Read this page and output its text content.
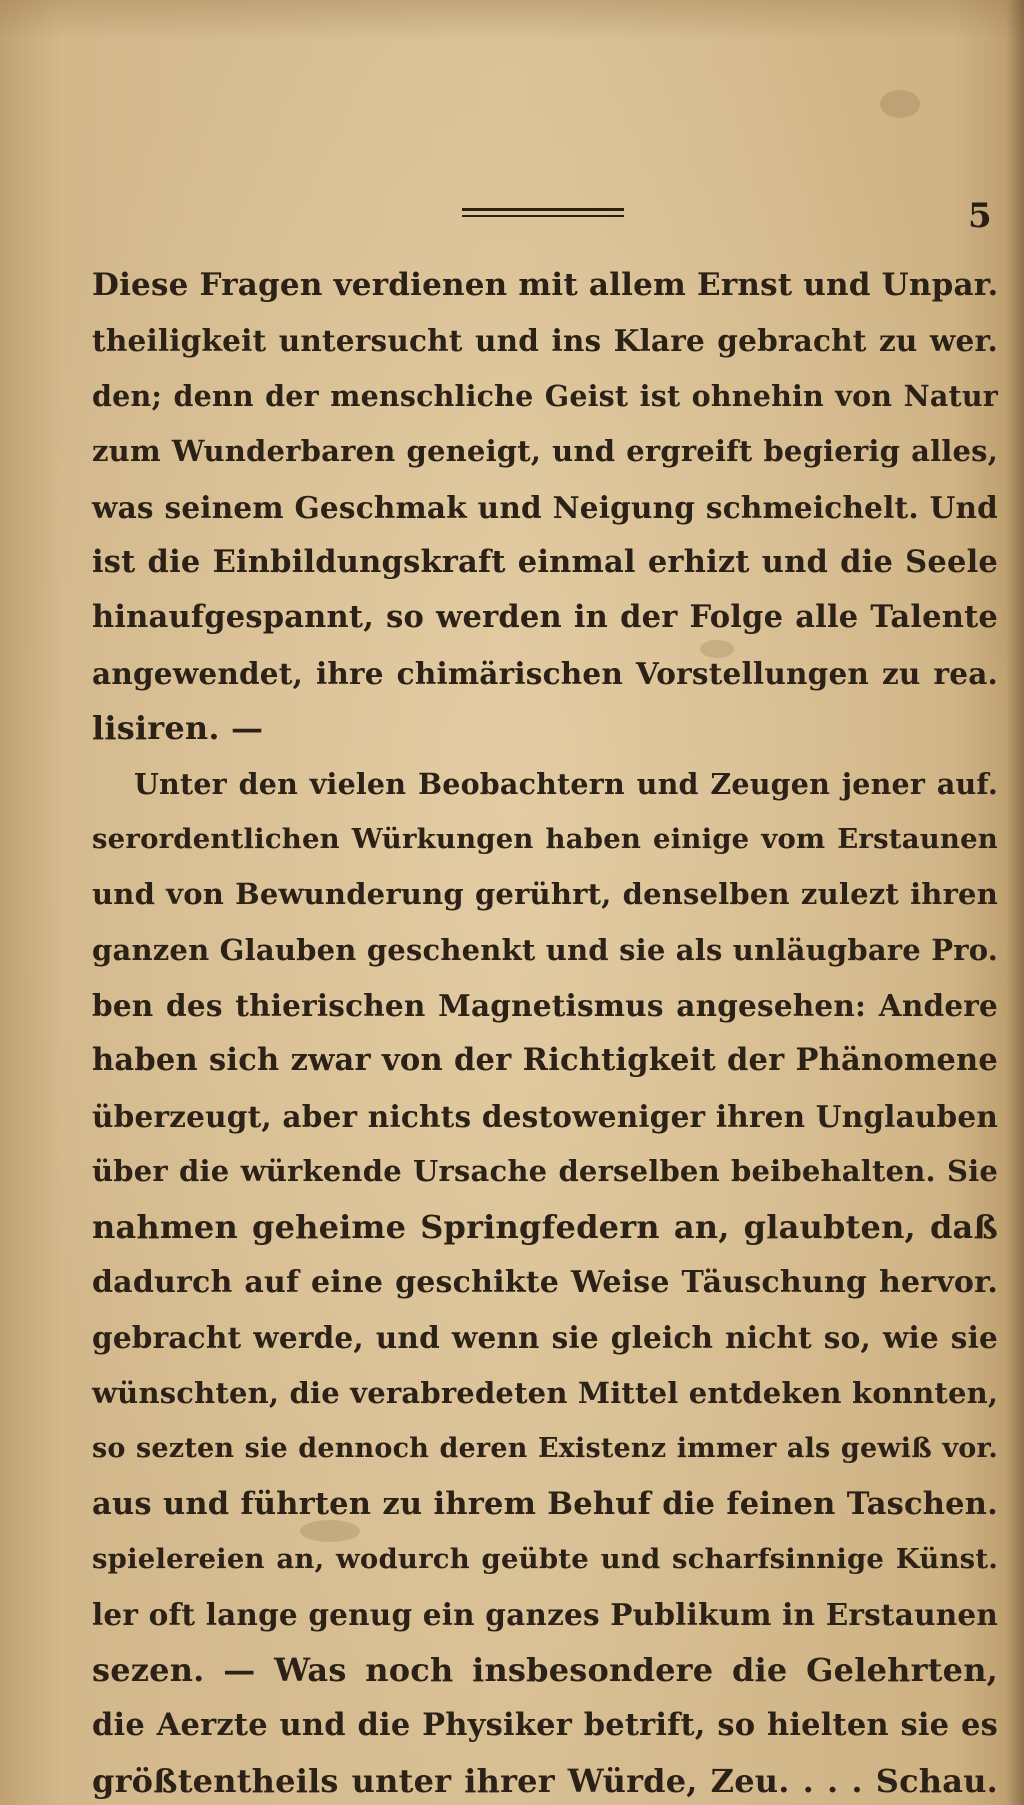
5
Diese Fragen verdienen mit allem Ernst und Unpar.
theiligkeit untersucht und ins Klare gebracht zu wer.
den; denn der menschliche Geist ist ohnehin von Natur
zum Wunderbaren geneigt, und ergreift begierig alles,
was seinem Geschmak und Neigung schmeichelt. Und
ist die Einbildungskraft einmal erhizt und die Seele
hinaufgespannt, so werden in der Folge alle Talente
angewendet, ihre chimärischen Vorstellungen zu rea.
lisiren. —
Unter den vielen Beobachtern und Zeugen jener auf.
serordentlichen Würkungen haben einige vom Erstaunen
und von Bewunderung gerührt, denselben zulezt ihren
ganzen Glauben geschenkt und sie als unläugbare Pro.
ben des thierischen Magnetismus angesehen: Andere
haben sich zwar von der Richtigkeit der Phänomene
überzeugt, aber nichts destoweniger ihren Unglauben
über die würkende Ursache derselben beibehalten. Sie
nahmen geheime Springfedern an, glaubten, daß
dadurch auf eine geschikte Weise Täuschung hervor.
gebracht werde, und wenn sie gleich nicht so, wie sie
wünschten, die verabredeten Mittel entdeken konnten,
so sezten sie dennoch deren Existenz immer als gewiß vor.
aus und führten zu ihrem Behuf die feinen Taschen.
spielereien an, wodurch geübte und scharfsinnige Künst.
ler oft lange genug ein ganzes Publikum in Erstaunen
sezen. — Was noch insbesondere die Gelehrten,
die Aerzte und die Physiker betrift, so hielten sie es
größtentheils unter ihrer Würde, Zeu. . . . Schau.
